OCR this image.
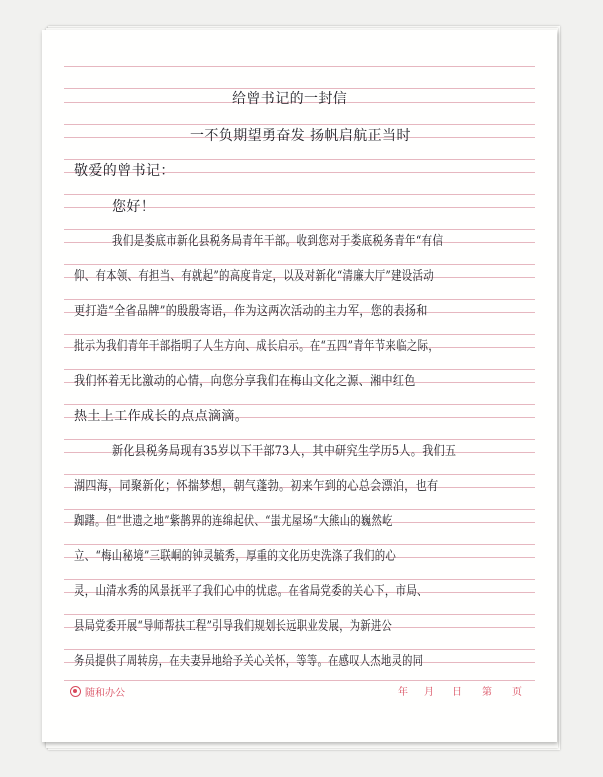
给曾书记的一封信
一不负期望勇奋发 扬帆启航正当时
敬爱的曾书记：
您好！
我们是娄底市新化县税务局青年干部。收到您对于娄底税务青年“有信
仰、有本领、有担当、有就起”的高度肯定，以及对新化“清廉大厅”建设活动
更打造“全省品牌”的殷殷寄语，作为这两次活动的主力军，您的表扬和
批示为我们青年干部指明了人生方向、成长启示。在“五四”青年节来临之际，
我们怀着无比激动的心情，向您分享我们在梅山文化之源、湘中红色
热土上工作成长的点点滴滴。
新化县税务局现有35岁以下干部73人，其中研究生学历5人。我们五
湖四海，同聚新化；怀揣梦想，朝气蓬勃。初来乍到的心总会漂泊，也有
踟躇。但“世遗之地”紫鹊界的连绵起伏、“蚩尤屋场”大熊山的巍然屹
立、“梅山秘境”三联峒的钟灵毓秀，厚重的文化历史洗涤了我们的心
灵，山清水秀的风景抚平了我们心中的忧虑。在省局党委的关心下，市局、
县局党委开展“导师帮扶工程”引导我们规划长远职业发展，为新进公
务员提供了周转房，在夫妻异地给予关心关怀，等等。在感叹人杰地灵的同
随和办公	年	月	日	第	页
